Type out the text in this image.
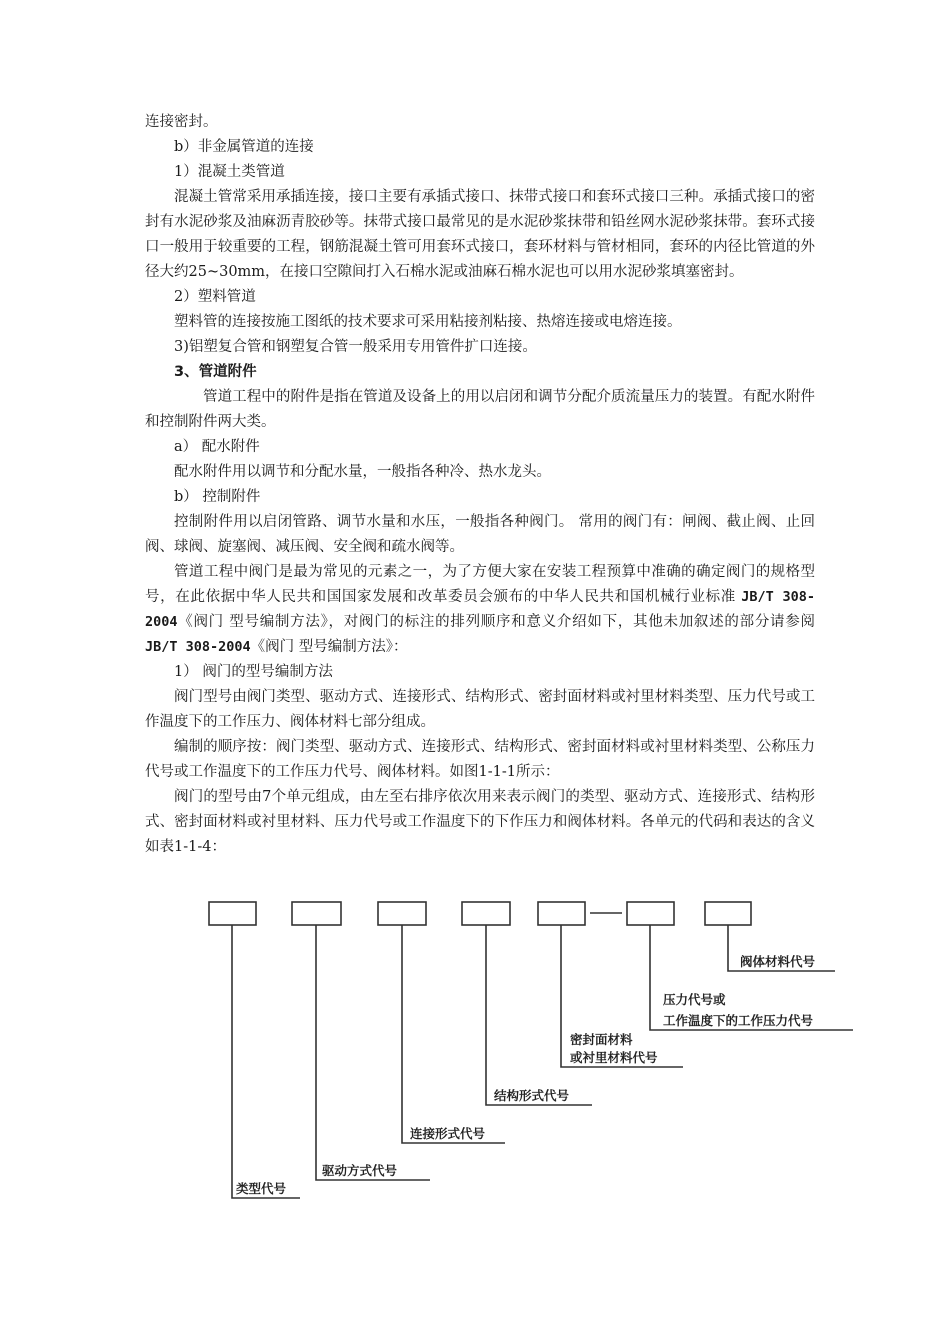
连接密封。

b）非金属管道的连接

1）混凝土类管道

混凝土管常采用承插连接，接口主要有承插式接口、抹带式接口和套环式接口三种。承插式接口的密封有水泥砂浆及油麻沥青胶砂等。抹带式接口最常见的是水泥砂浆抹带和铅丝网水泥砂浆抹带。套环式接口一般用于较重要的工程，钢筋混凝土管可用套环式接口，套环材料与管材相同，套环的内径比管道的外径大约25~30mm，在接口空隙间打入石棉水泥或油麻石棉水泥也可以用水泥砂浆填塞密封。

2）塑料管道

塑料管的连接按施工图纸的技术要求可采用粘接剂粘接、热熔连接或电熔连接。

3)铝塑复合管和钢塑复合管一般采用专用管件扩口连接。

3、管道附件

管道工程中的附件是指在管道及设备上的用以启闭和调节分配介质流量压力的装置。有配水附件和控制附件两大类。

a） 配水附件

配水附件用以调节和分配水量，一般指各种冷、热水龙头。

b） 控制附件

控制附件用以启闭管路、调节水量和水压，一般指各种阀门。 常用的阀门有：闸阀、截止阀、止回阀、球阀、旋塞阀、减压阀、安全阀和疏水阀等。

管道工程中阀门是最为常见的元素之一，为了方便大家在安装工程预算中准确的确定阀门的规格型号，在此依据中华人民共和国国家发展和改革委员会颁布的中华人民共和国机械行业标准 JB/T 308-2004《阀门 型号编制方法》，对阀门的标注的排列顺序和意义介绍如下，其他未加叙述的部分请参阅 JB/T 308-2004《阀门 型号编制方法》：

1） 阀门的型号编制方法

阀门型号由阀门类型、驱动方式、连接形式、结构形式、密封面材料或衬里材料类型、压力代号或工作温度下的工作压力、阀体材料七部分组成。

编制的顺序按：阀门类型、驱动方式、连接形式、结构形式、密封面材料或衬里材料类型、公称压力代号或工作温度下的工作压力代号、阀体材料。如图1-1-1所示：

阀门的型号由7个单元组成，由左至右排序依次用来表示阀门的类型、驱动方式、连接形式、结构形式、密封面材料或衬里材料、压力代号或工作温度下的下作压力和阀体材料。各单元的代码和表达的含义如表1-1-4：

类型代号
驱动方式代号
连接形式代号
结构形式代号
密封面材料
或衬里材料代号
压力代号或
工作温度下的工作压力代号
阀体材料代号
